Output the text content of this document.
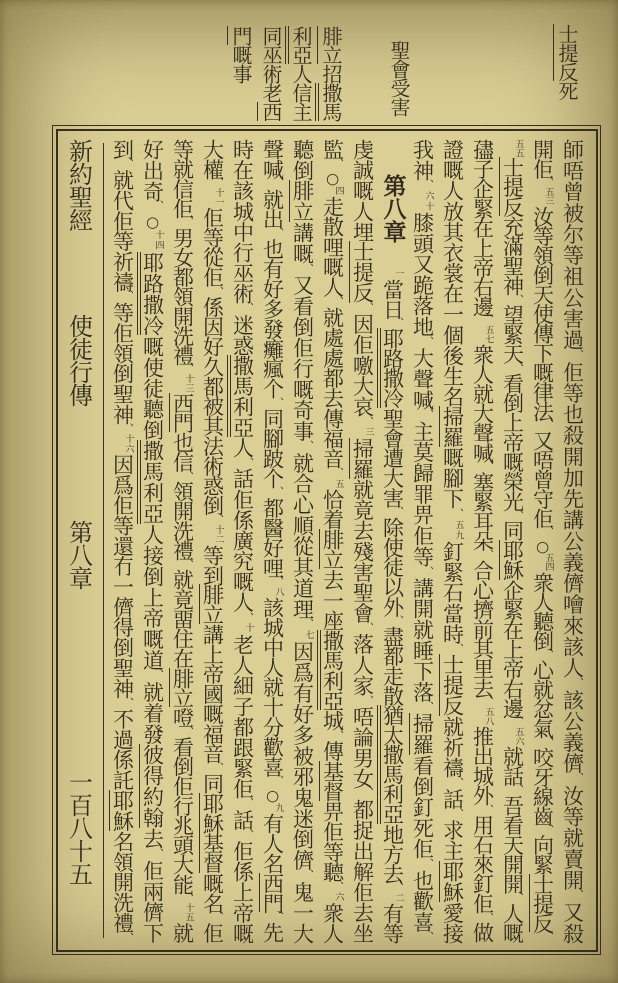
士提反死
聖會受害
腓立招撒馬
利亞人信主
同巫術老西
門嘅事
師唔曾被尔等祖公害過、佢等也殺開加先講公義儕噲來該人、該公義儕、汝等就賣開、又殺
開佢、五三汝等領倒天使傳下嘅律法、又唔曾守佢、○五四衆人聽倒、心就忿氣、咬牙線齒、向緊士提反、
五五士提反充滿聖神、望緊天、看倒上帝嘅榮光、同耶穌企緊在上帝右邊、五六就話、吾看天開開、人嘅
孻子企緊在上帝右邊、五七衆人就大聲喊、塞緊耳朵、合心擠前其里去、五八推出城外、用石來釘佢、做
證嘅人放其衣裳在一個後生名掃羅嘅腳下、五九釘緊石當時、士提反就祈禱、話、求主耶穌愛接
我神、六十膝頭又跪落地、大聲喊、主莫歸罪畀佢等、講開就睡下落、掃羅看倒釘死佢、也歡喜、
第八章一當日、耶路撒冷聖會遭大害、除使徒以外、盡都走散猶太撒馬利亞地方去、二有等
虔誠嘅人埋士提反、因佢噭大哀、三掃羅就竟去殘害聖會、落人家、唔論男女、都捉出解佢去坐
監、○四走散哩嘅人、就處處都去傳福音、五恰着腓立去一座撒馬利亞城、傳基督畀佢等聽、六衆人
聽倒腓立講嘅、又看倒佢行嘅奇事、就合心順從其道理、七因爲有好多被邪鬼迷倒儕、鬼一大
聲喊、就出、也有好多發癱瘋个、同腳跛个、都醫好哩、八該城中人就十分歡喜、○九有人名西門、先
時在該城中行巫術、迷惑撒馬利亞人、話佢係廣究嘅人、十老人細子都跟緊佢、話、佢係上帝嘅
大權、十一佢等從佢、係因好久都被其法術惑倒、十二等到腓立講上帝國嘅福音、同耶穌基督嘅名、佢
等就信佢、男女都領開洗禮、十三西門也信、領開洗禮、就竟畱住在腓立噔、看倒佢行兆頭大能、十五就
好出奇、○十四耶路撒冷嘅使徒聽倒撒馬利亞人接倒上帝嘅道、就着發彼得約翰去、佢兩儕下
到、就代佢等祈禱、等佢領倒聖神、十六因爲佢等還冇一儕得倒聖神、不過係託耶穌名領開洗禮、
新約聖經使徒行傳第八章一百八十五
